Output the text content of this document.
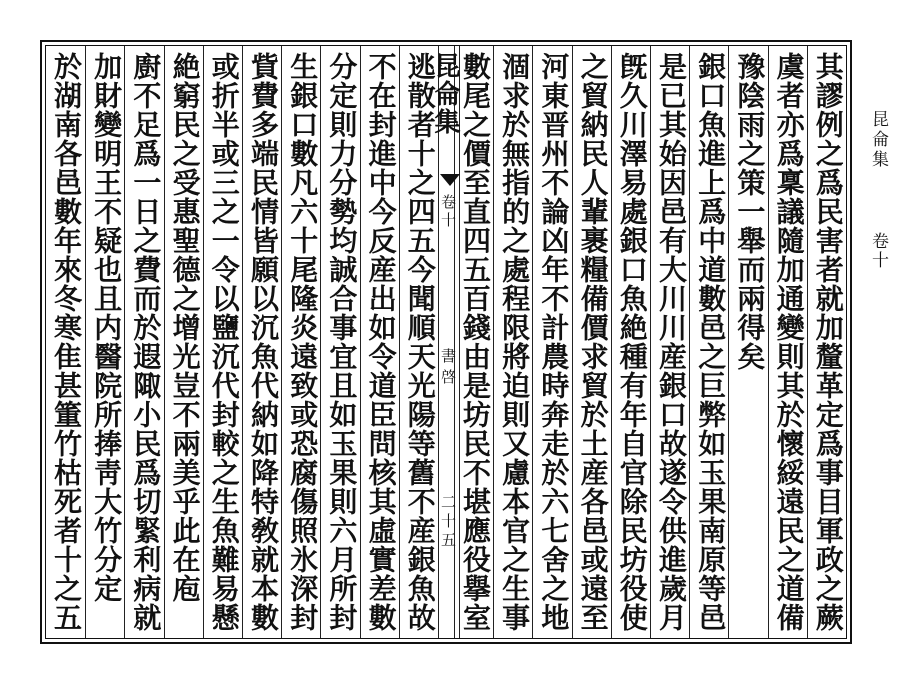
昆侖集
卷十
其謬例之爲民害者就加釐革定爲事目軍政之蕨
虞者亦爲稟議隨加通變則其於懷綏遠民之道備
豫陰雨之策一舉而兩得矣
銀口魚進上爲中道數邑之巨弊如玉果南原等邑
是已其始因邑有大川川産銀口故遂令供進歲月
旣久川澤易處銀口魚絶種有年自官除民坊役使
之貿納民人輩裹糧備價求貿於土産各邑或遠至
河東晋州不論凶年不計農時奔走於六七舍之地
涸求於無指的之處程限將迫則又慮本官之生事
數尾之價至直四五百錢由是坊民不堪應役擧室
昆侖集
卷十
書啓
二十五
逃散者十之四五今聞順天光陽等舊不産銀魚故
不在封進中今反産出如令道臣問核其虛實差數
分定則力分勢均誠合事宜且如玉果則六月所封
生銀口數凡六十尾隆炎遠致或恐腐傷照氷深封
貲費多端民情皆願以沉魚代納如降特敎就本數
或折半或三之一令以鹽沉代封較之生魚難易懸
絶窮民之受惠聖德之增光豈不兩美乎此在庖
廚不足爲一日之費而於遐陬小民爲切緊利病就
加財變明王不疑也且内醫院所捧靑大竹分定
於湖南各邑數年來冬寒隹甚箽竹枯死者十之五
